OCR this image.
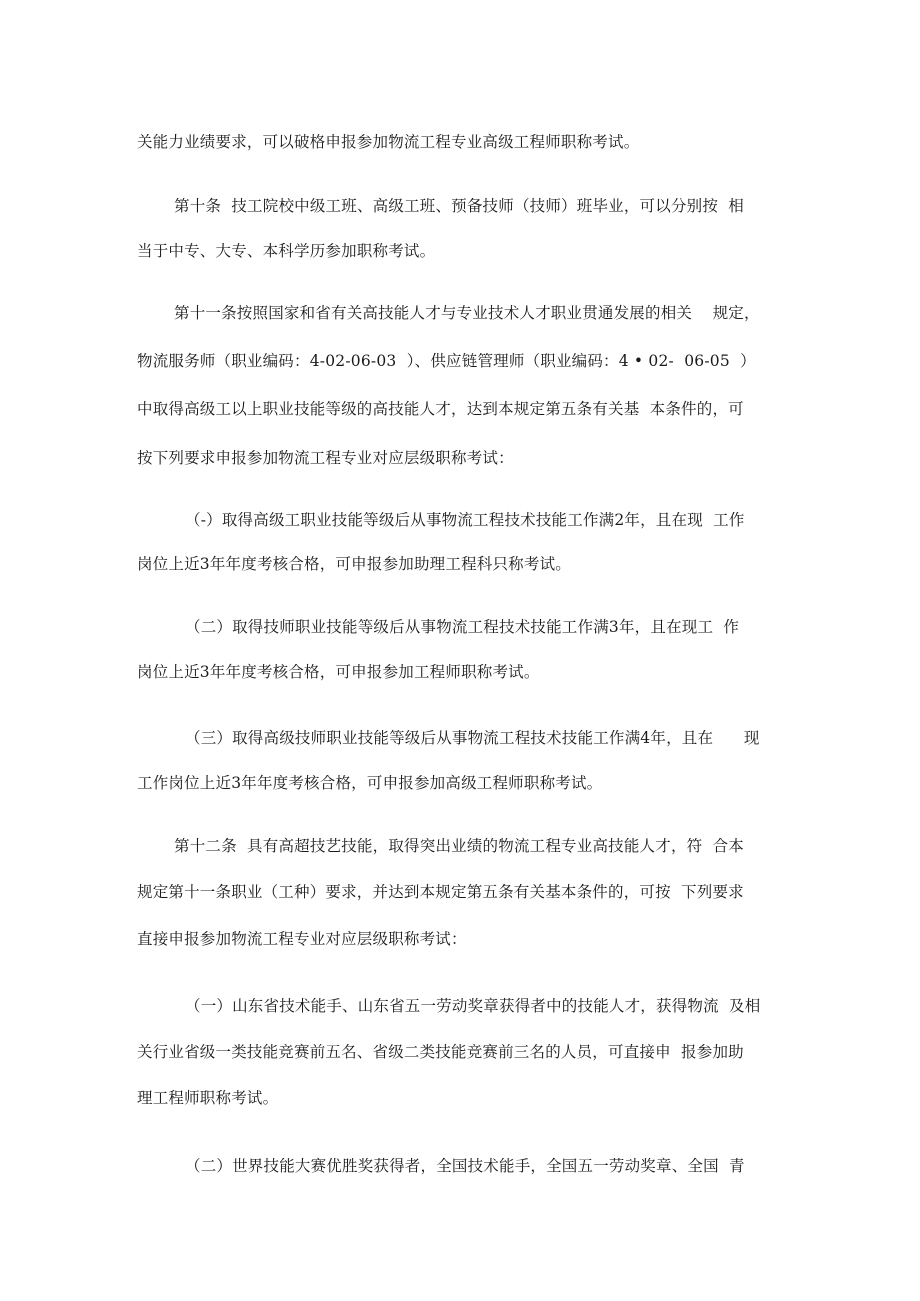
关能力业绩要求，可以破格申报参加物流工程专业高级工程师职称考试。

第十条  技工院校中级工班、高级工班、预备技师（技师）班毕业，可以分别按  相

当于中专、大专、本科学历参加职称考试。

第十一条按照国家和省有关高技能人才与专业技术人才职业贯通发展的相关    规定，

物流服务师（职业编码：4-02-06-03  ）、供应链管理师（职业编码：4 • 02-  06-05  ）

中取得高级工以上职业技能等级的高技能人才，达到本规定第五条有关基  本条件的，可

按下列要求申报参加物流工程专业对应层级职称考试：

（-）取得高级工职业技能等级后从事物流工程技术技能工作满2年，且在现  工作

岗位上近3年年度考核合格，可申报参加助理工程科只称考试。

（二）取得技师职业技能等级后从事物流工程技术技能工作满3年，且在现工  作

岗位上近3年年度考核合格，可申报参加工程师职称考试。

（三）取得高级技师职业技能等级后从事物流工程技术技能工作满4年，且在      现

工作岗位上近3年年度考核合格，可申报参加高级工程师职称考试。

第十二条  具有高超技艺技能，取得突出业绩的物流工程专业高技能人才，符  合本

规定第十一条职业（工种）要求，并达到本规定第五条有关基本条件的，可按  下列要求

直接申报参加物流工程专业对应层级职称考试：

（一）山东省技术能手、山东省五一劳动奖章获得者中的技能人才，获得物流  及相

关行业省级一类技能竞赛前五名、省级二类技能竞赛前三名的人员，可直接申  报参加助

理工程师职称考试。

（二）世界技能大赛优胜奖获得者，全国技术能手，全国五一劳动奖章、全国  青
